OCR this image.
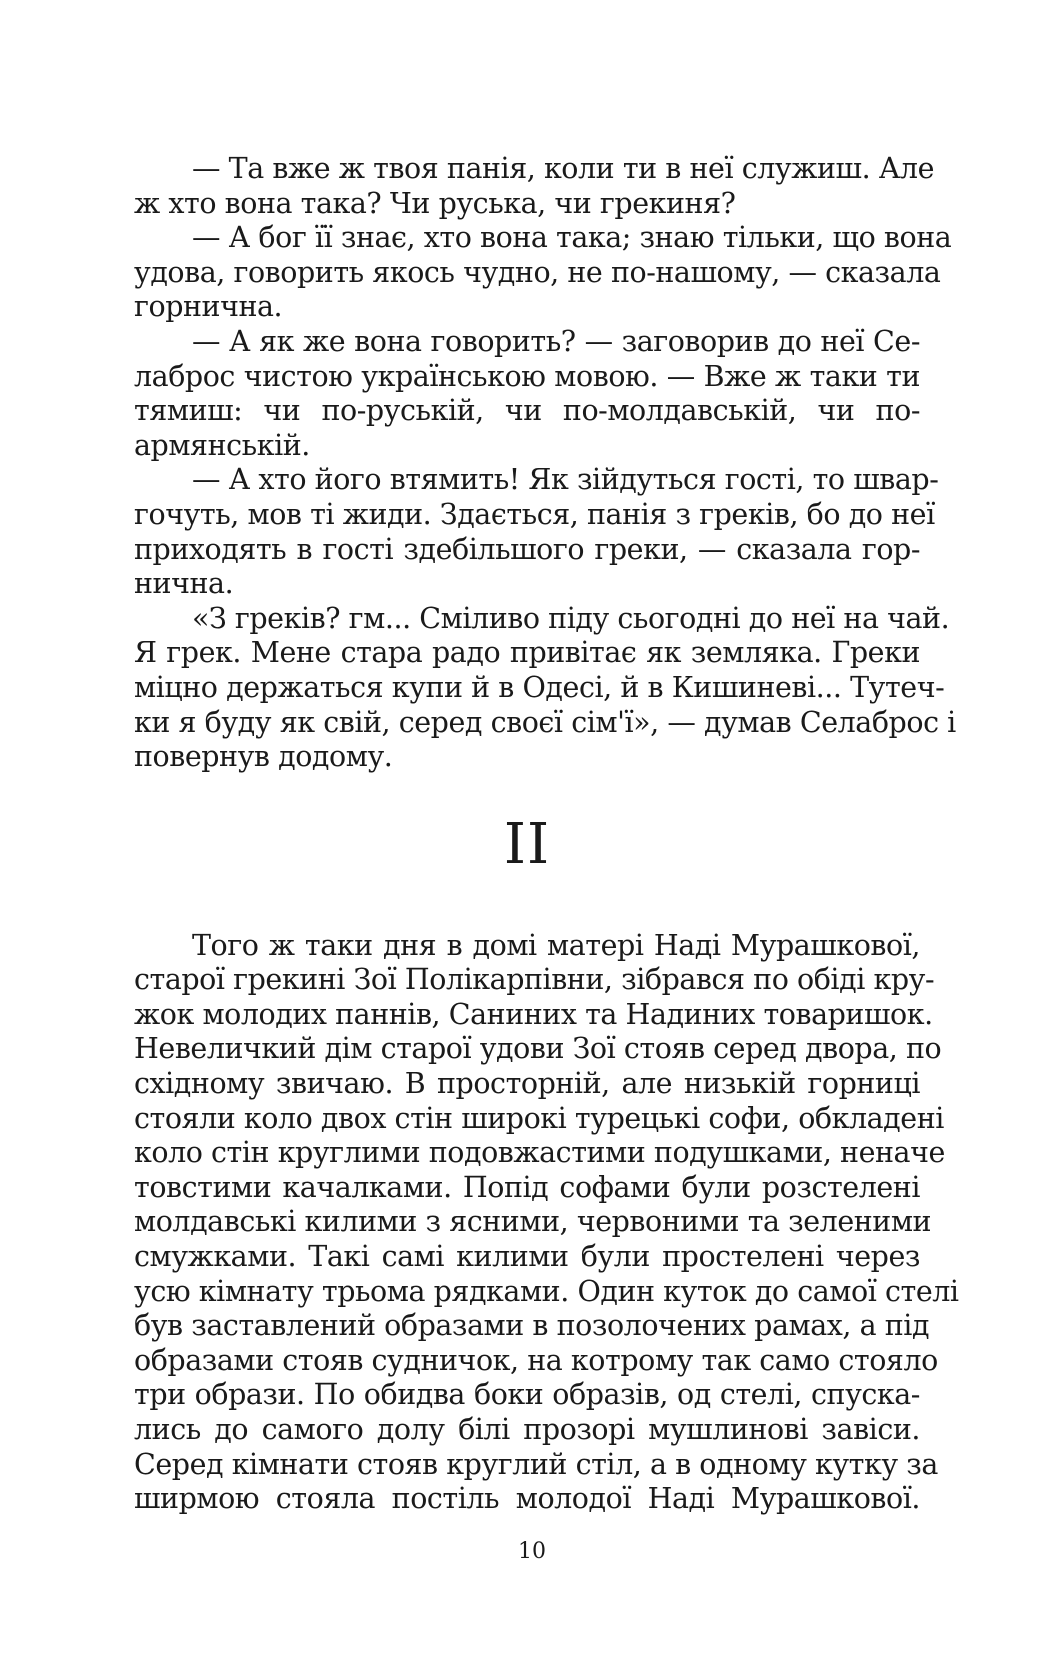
— Та вже ж твоя панія, коли ти в неї служиш. Але
ж хто вона така? Чи руська, чи грекиня?
— А бог її знає, хто вона така; знаю тільки, що вона
удова, говорить якось чудно, не по-нашому, — сказала
горнична.
— А як же вона говорить? — заговорив до неї Се-
лаброс чистою українською мовою. — Вже ж таки ти
тямиш: чи по-руській, чи по-молдавській, чи по-
армянській.
— А хто його втямить! Як зійдуться гості, то швар-
гочуть, мов ті жиди. Здається, панія з греків, бо до неї
приходять в гості здебільшого греки, — сказала гор-
нична.
«З греків? гм... Сміливо піду сьогодні до неї на чай.
Я грек. Мене стара радо привітає як земляка. Греки
міцно держаться купи й в Одесі, й в Кишиневі... Тутеч-
ки я буду як свій, серед своєї сім'ї», — думав Селаброс і
повернув додому.
II
Того ж таки дня в домі матері Наді Мурашкової,
старої грекині Зої Полікарпівни, зібрався по обіді кру-
жок молодих паннів, Саниних та Надиних товаришок.
Невеличкий дім старої удови Зої стояв серед двора, по
східному звичаю. В просторній, але низькій горниці
стояли коло двох стін широкі турецькі софи, обкладені
коло стін круглими подовжастими подушками, неначе
товстими качалками. Попід софами були розстелені
молдавські килими з ясними, червоними та зеленими
смужками. Такі самі килими були простелені через
усю кімнату трьома рядками. Один куток до самої стелі
був заставлений образами в позолочених рамах, а під
образами стояв судничок, на котрому так само стояло
три образи. По обидва боки образів, од стелі, спуска-
лись до самого долу білі прозорі мушлинові завіси.
Серед кімнати стояв круглий стіл, а в одному кутку за
ширмою стояла постіль молодої Наді Мурашкової.
10
